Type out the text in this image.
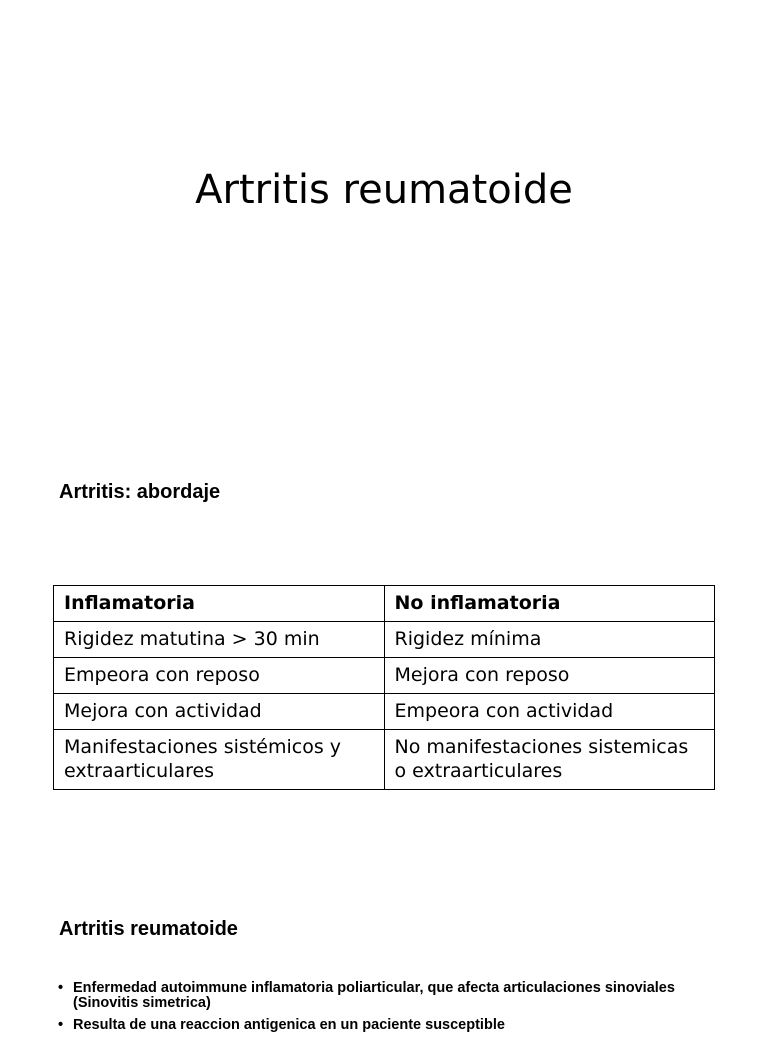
Artritis reumatoide
Artritis: abordaje
Inflamatoria	No inflamatoria
Rigidez matutina > 30 min	Rigidez mínima
Empeora con reposo	Mejora con reposo
Mejora con actividad	Empeora con actividad
Manifestaciones sistémicos y extraarticulares	No manifestaciones sistemicas o extraarticulares
Artritis reumatoide
• Enfermedad autoimmune inflamatoria poliarticular, que afecta articulaciones sinoviales (Sinovitis simetrica)
• Resulta de una reaccion antigenica en un paciente susceptible
